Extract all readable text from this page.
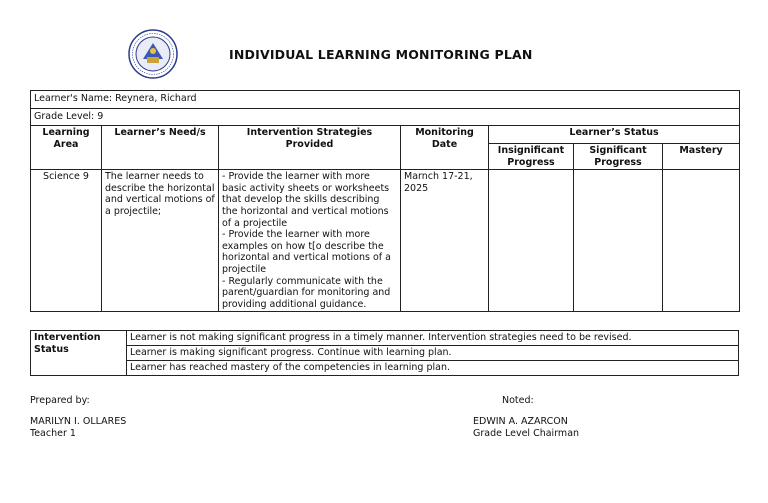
INDIVIDUAL LEARNING MONITORING PLAN
Learner's Name: Reynera, Richard						
Grade Level: 9						
Learning Area	Learner’s Need/s	Intervention Strategies Provided	Monitoring Date	Learner’s Status		
				Insignificant Progress	Significant Progress	Mastery
Science 9	The learner needs to describe the horizontal and vertical motions of a projectile;	- Provide the learner with more basic activity sheets or worksheets that develop the skills describing the horizontal and vertical motions of a projectile
- Provide the learner with more examples on how t[o describe the horizontal and vertical motions of a projectile
- Regularly communicate with the parent/guardian for monitoring and providing additional guidance.	Marnch 17-21, 2025			
Intervention Status	Learner is not making significant progress in a timely manner. Intervention strategies need to be revised.
Learner is making significant progress. Continue with learning plan.
Learner has reached mastery of the competencies in learning plan.
Prepared by:
MARILYN I. OLLARES
Teacher 1
Noted:
EDWIN A. AZARCON
Grade Level Chairman
